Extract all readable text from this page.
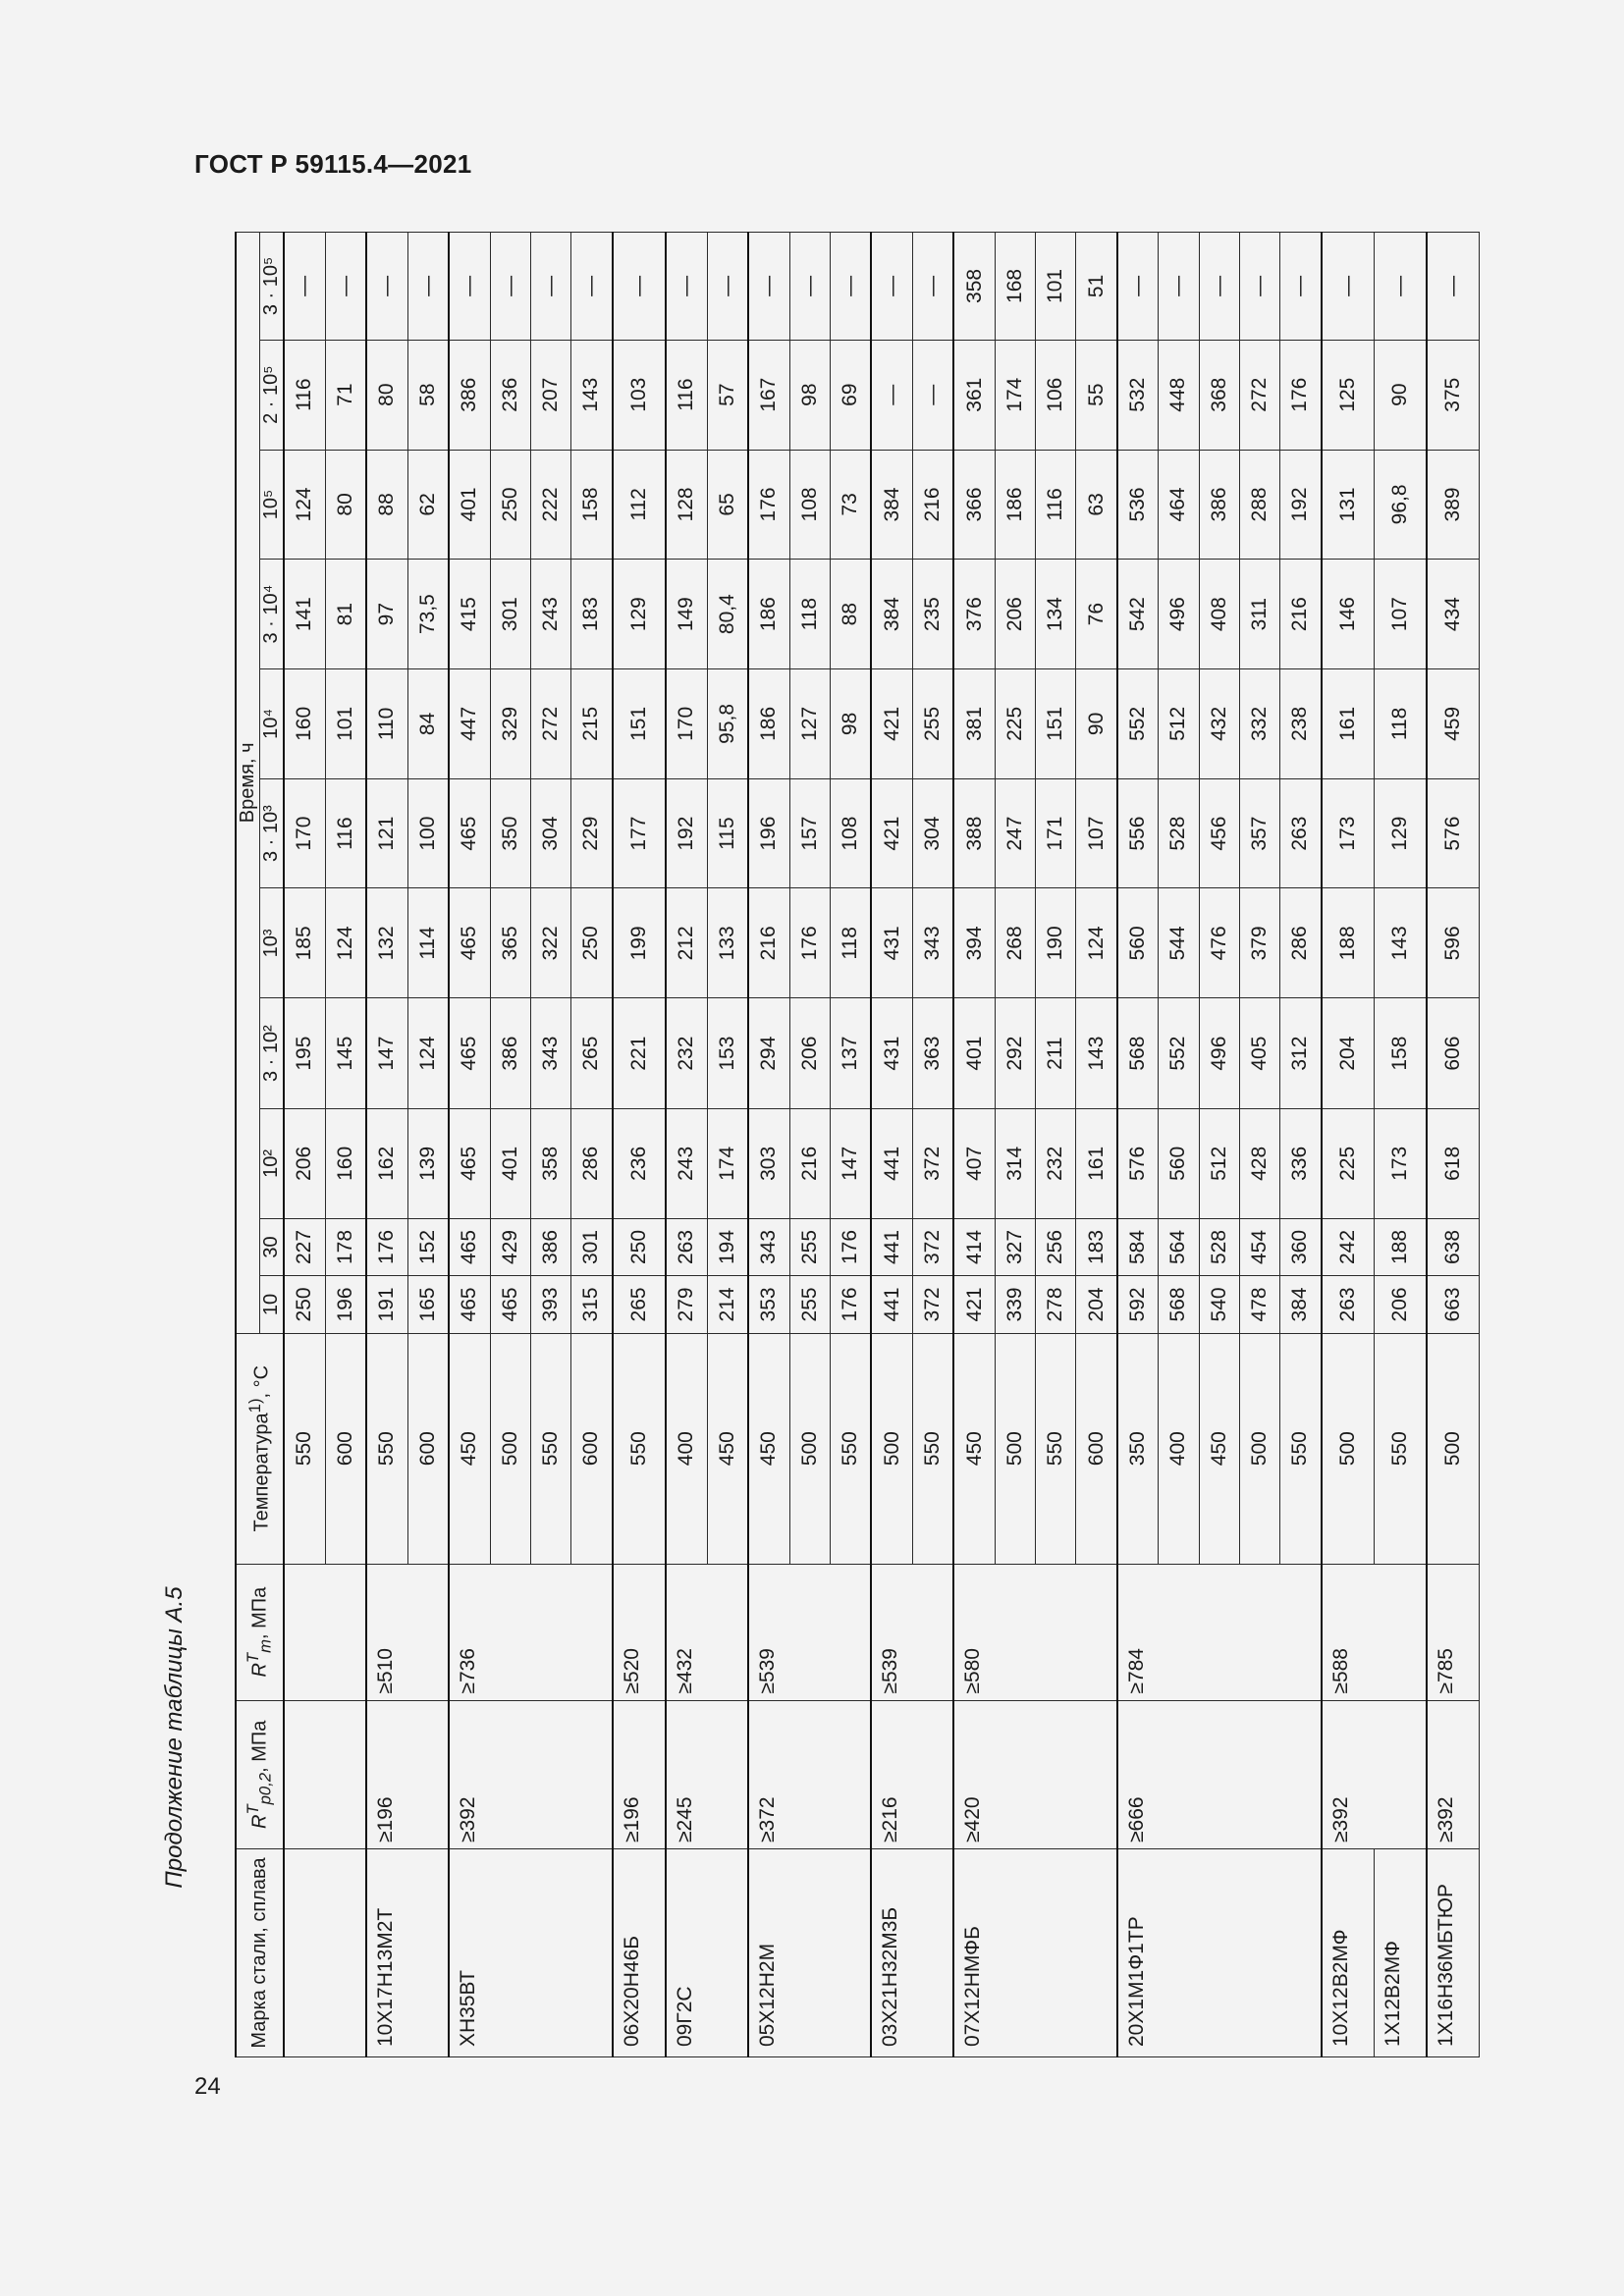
ГОСТ Р 59115.4—2021
Продолжение таблицы А.5
Марка стали, сплава	$R^T_{p0,2}$, МПа	$R^T_m$, МПа	Температура$^{1)}$, °C	Время, ч										
				10	30	10²	3 · 10²	10³	3 · 10³	10⁴	3 · 10⁴	10⁵	2 · 10⁵	3 · 10⁵
			550	250	227	206	195	185	170	160	141	124	116	—
			600	196	178	160	145	124	116	101	81	80	71	—
10Х17Н13М2Т	≥196	≥510	550	191	176	162	147	132	121	110	97	88	80	—
			600	165	152	139	124	114	100	84	73,5	62	58	—
ХН35ВТ	≥392	≥736	450	465	465	465	465	465	465	447	415	401	386	—
			500	465	429	401	386	365	350	329	301	250	236	—
			550	393	386	358	343	322	304	272	243	222	207	—
			600	315	301	286	265	250	229	215	183	158	143	—
06Х20Н46Б	≥196	≥520	550	265	250	236	221	199	177	151	129	112	103	—
09Г2С	≥245	≥432	400	279	263	243	232	212	192	170	149	128	116	—
			450	214	194	174	153	133	115	95,8	80,4	65	57	—
05Х12Н2М	≥372	≥539	450	353	343	303	294	216	196	186	186	176	167	—
			500	255	255	216	206	176	157	127	118	108	98	—
			550	176	176	147	137	118	108	98	88	73	69	—
03Х21Н32М3Б	≥216	≥539	500	441	441	441	431	431	421	421	384	384	—	—
			550	372	372	372	363	343	304	255	235	216	—	—
07Х12НМФБ	≥420	≥580	450	421	414	407	401	394	388	381	376	366	361	358
			500	339	327	314	292	268	247	225	206	186	174	168
			550	278	256	232	211	190	171	151	134	116	106	101
			600	204	183	161	143	124	107	90	76	63	55	51
20Х1М1Ф1ТР	≥666	≥784	350	592	584	576	568	560	556	552	542	536	532	—
			400	568	564	560	552	544	528	512	496	464	448	—
			450	540	528	512	496	476	456	432	408	386	368	—
			500	478	454	428	405	379	357	332	311	288	272	—
			550	384	360	336	312	286	263	238	216	192	176	—
10Х12В2МФ	≥392	≥588	500	263	242	225	204	188	173	161	146	131	125	—
1Х12В2МФ			550	206	188	173	158	143	129	118	107	96,8	90	—
1Х16Н36МБТЮР	≥392	≥785	500	663	638	618	606	596	576	459	434	389	375	—
24
